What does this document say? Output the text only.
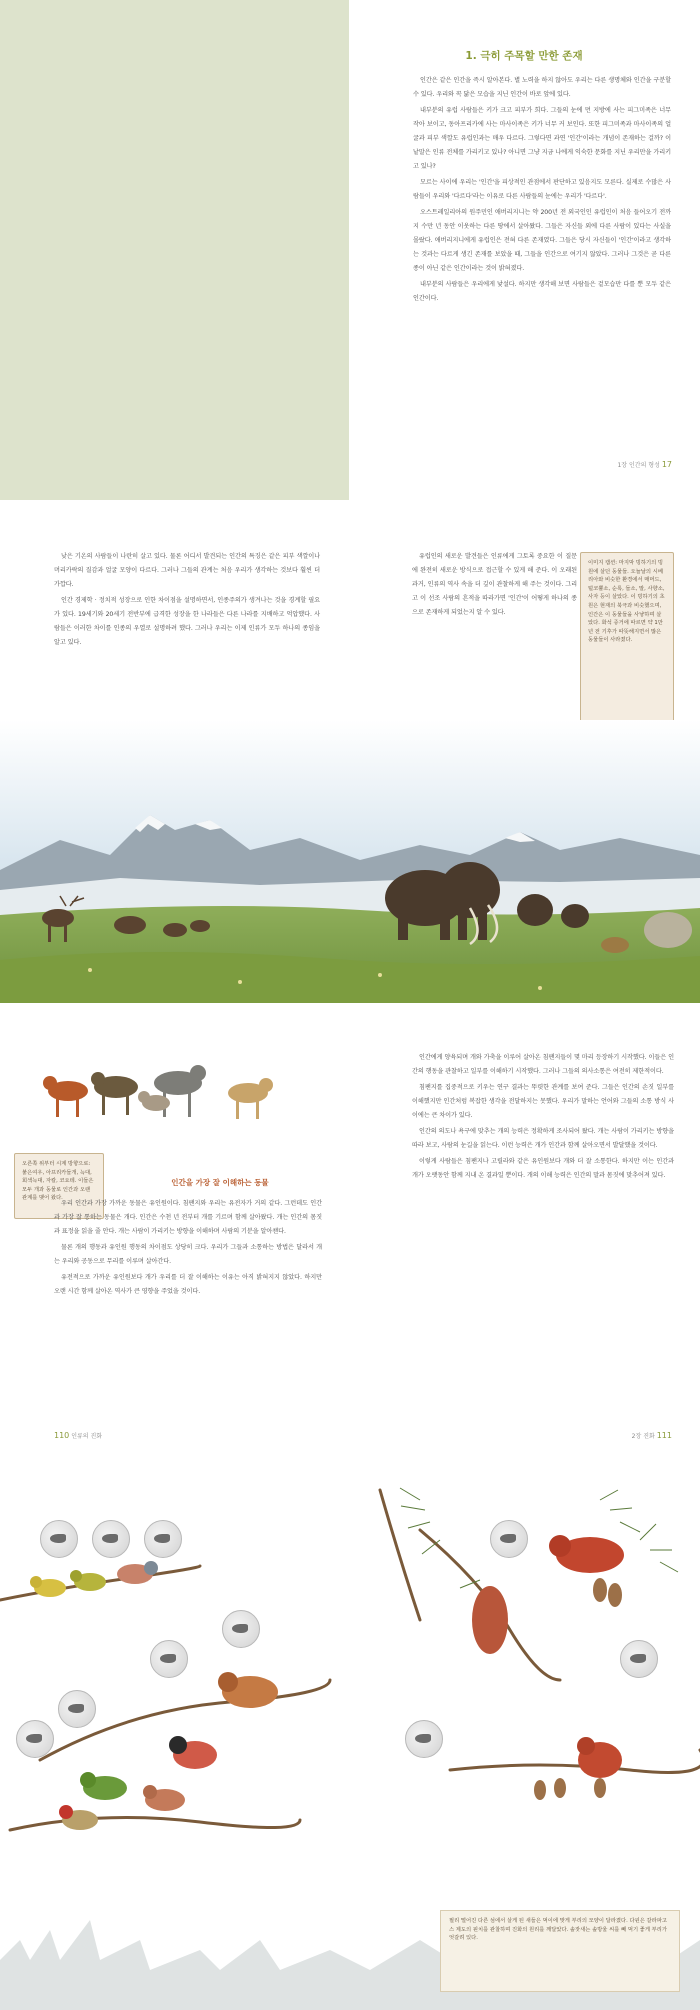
1. 극히 주목할 만한 존재

인간은 같은 인간을 즉시 알아본다. 별 노력을 하지 않아도 우리는 다른 생명체와 인간을 구분할 수 있다. 우리와 꼭 닮은 모습을 지닌 인간이 바로 앞에 있다.

내부분의 유럽 사람들은 키가 크고 피부가 희다. 그들의 눈에 먼 지방에 사는 피그미족은 너무 작아 보이고, 동아프리카에 사는 마사이족은 키가 너무 커 보인다. 또한 피그미족과 마사이족의 얼굴과 피부 색깔도 유럽인과는 매우 다르다. 그렇다면 과연 '인간'이라는 개념이 존재하는 걸까? 이 낱말은 인류 전체를 가리키고 있나? 아니면 그냥 지금 나에게 익숙한 문화를 지닌 우리만을 가리키고 있나?

모르는 사이에 우리는 '인간'을 피상적인 관점에서 판단하고 있음지도 모른다. 실제로 수많은 사람들이 우리와 '다르다'라는 이유로 다른 사람들의 눈에는 우리가 '다르다'.

오스트레일리아의 원주민인 애버리지니는 약 200년 전 외국인인 유럽인이 처음 들어오기 전까지 수만 년 동안 이웃하는 다른 땅에서 살아왔다. 그들은 자신들 외에 다른 사람이 있다는 사실을 몰랐다. 애버리지니에게 유럽인은 전혀 다른 존재였다. 그들은 당시 자신들이 '인간'이라고 생각하는 것과는 다르게 생긴 존재를 보았을 때, 그들을 인간으로 여기지 않았다. 그러나 그것은 곧 다른 종이 아닌 같은 인간이라는 것이 밝혀졌다.

내부분의 사람들은 우리에게 낯설다. 하지만 생각해 보면 사람들은 겉모습만 다를 뿐 모두 같은 인간이다.

1장 인간의 형성 17

낮은 기온의 사람들이 나란히 살고 있다. 물론 어디서 발견되는 인간의 특징은 같은 피부 색깔이나 머리카락의 질감과 얼굴 모양이 다르다. 그러나 그들의 관계는 처음 우리가 생각하는 것보다 훨씬 더 가깝다.

인간 경제학 · 정치적 성장으로 인한 차이점을 설명하면서, 인종주의가 생겨나는 것을 경계할 필요가 있다. 19세기와 20세기 전반부에 급격한 성장을 한 나라들은 다른 나라를 지배하고 억압했다. 사람들은 이러한 차이를 인종의 우열로 설명하려 했다. 그러나 우리는 이제 인류가 모두 하나의 종임을 알고 있다.

유럽인의 새로운 발견들은 인류에게 그토록 중요한 이 질문에 완전히 새로운 방식으로 접근할 수 있게 해 준다. 이 오래된 과거, 인류의 역사 속을 더 깊이 관찰하게 해 주는 것이다. 그리고 이 선조 사람의 흔적을 따라가면 '인간'이 어떻게 하나의 종으로 존재하게 되었는지 알 수 있다.

이미지 캡션: 마지막 빙하기의 빙원에 살던 동물들. 오늘날의 시베리아와 비슷한 환경에서 매머드, 털코뿔소, 순록, 들소, 말, 사향소, 사자 등이 살았다. 이 빙하기의 초원은 현재의 북극과 비슷했으며, 인간은 이 동물들을 사냥하며 살았다. 화석 증거에 따르면 약 1만 년 전 기후가 따뜻해지면서 많은 동물들이 사라졌다.
오른쪽 위부터 시계 방향으로: 붉은여우, 아프리카들개, 늑대, 회색늑대, 자칼, 코요테. 이들은 모두 개과 동물로 인간과 오랜 관계를 맺어 왔다.
인간을 가장 잘 이해하는 동물

우리 인간과 가장 가까운 동물은 유인원이다. 침팬지와 우리는 유전자가 거의 같다. 그런데도 인간과 가장 잘 통하는 동물은 개다. 인간은 수천 년 전부터 개를 기르며 함께 살아왔다. 개는 인간의 몸짓과 표정을 읽을 줄 안다. 개는 사람이 가리키는 방향을 이해하며 사람의 기분을 알아챈다.

물론 개의 행동과 유인원 행동의 차이점도 상당히 크다. 우리가 그들과 소통하는 방법은 달라서 개는 우리와 공동으로 무리를 이루며 살아간다.

유전적으로 가까운 유인원보다 개가 우리를 더 잘 이해하는 이유는 아직 밝혀지지 않았다. 하지만 오랜 시간 함께 살아온 역사가 큰 영향을 주었을 것이다.

110 인류의 진화

인간에게 양육되며 개와 가축을 이루어 살아온 침팬지들이 몇 마리 등장하기 시작했다. 이들은 인간의 행동을 관찰하고 일부를 이해하기 시작했다. 그러나 그들의 의사소통은 여전히 제한적이다.

침팬지를 집중적으로 키우는 연구 결과는 뚜렷한 관계를 보여 준다. 그들은 인간의 손짓 일부를 이해했지만 인간처럼 복잡한 생각을 전달하지는 못했다. 우리가 말하는 언어와 그들의 소통 방식 사이에는 큰 차이가 있다.

인간의 의도나 욕구에 맞추는 개의 능력은 정확하게 조사되어 왔다. 개는 사람이 가리키는 방향을 따라 보고, 사람의 눈길을 읽는다. 이런 능력은 개가 인간과 함께 살아오면서 발달했을 것이다.

이렇게 사람들은 침팬지나 고릴라와 같은 유인원보다 개와 더 잘 소통한다. 하지만 이는 인간과 개가 오랫동안 함께 지내 온 결과일 뿐이다. 개의 이해 능력은 인간의 말과 몸짓에 맞추어져 있다.

2장 진화 111
필리 떨어진 다른 섬에서 살게 된 새들은 먹이에 맞게 부리의 모양이 달라졌다. 다윈은 갈라파고스 제도의 핀치를 관찰하며 진화의 원리를 깨달았다. 솔잣새는 솔방울 씨를 빼 먹기 좋게 부리가 엇갈려 있다.
